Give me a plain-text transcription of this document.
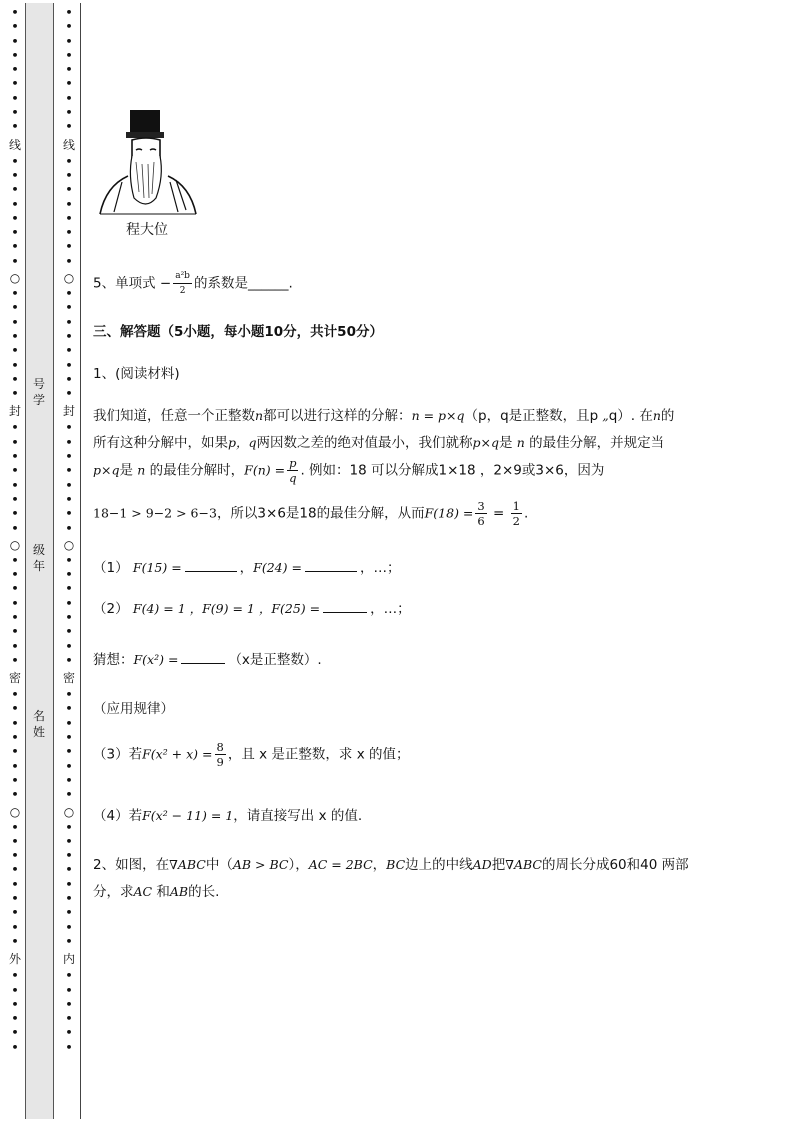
•
•
•
•
•
•
•
•
•
线
•
•
•
•
•
•
•
•
○
•
•
•
•
•
•
•
•
封
•
•
•
•
•
•
•
•
○
•
•
•
•
•
•
•
•
密
•
•
•
•
•
•
•
•
○
•
•
•
•
•
•
•
•
•
外
•
•
•
•
•
•
•
•
•
•
•
•
•
•
•
线
•
•
•
•
•
•
•
•
○
•
•
•
•
•
•
•
•
封
•
•
•
•
•
•
•
•
○
•
•
•
•
•
•
•
•
密
•
•
•
•
•
•
•
•
○
•
•
•
•
•
•
•
•
•
内
•
•
•
•
•
•
号
学
级
年
名
姓
程大位
5、单项式 − $\frac{\text{a²b}}{2}$ 的系数是______.
三、解答题（5小题，每小题10分，共计50分）
1、(阅读材料)
我们知道，任意一个正整数n都可以进行这样的分解：n = p×q（p，q是正整数，且p „q）. 在n的
所有这种分解中，如果p，q两因数之差的绝对值最小，我们就称p×q是 n 的最佳分解，并规定当
p×q是 n 的最佳分解时，$F(n) = \frac{p}{q}$ . 例如：18 可以分解成1×18 ，2×9或3×6，因为
18−1 > 9−2 > 6−3，所以3×6是18的最佳分解，从而$F(18) = \frac{3}{6} = \frac{1}{2}$ .
（1） F(15) =	，F(24) =	，…；
（2） F(4) = 1 ，F(9) = 1 ，F(25) =	，…；
猜想：F(x²) =	（x是正整数）.
（应用规律）
（3）若$F(x^2 + x) = \frac{8}{9}$ ，且 x 是正整数，求 x 的值；
（4）若F(x² − 11) = 1，请直接写出 x 的值.
2、如图，在∇ABC中（AB > BC），AC = 2BC，BC边上的中线AD把∇ABC的周长分成60和40 两部
分，求AC 和AB的长.
